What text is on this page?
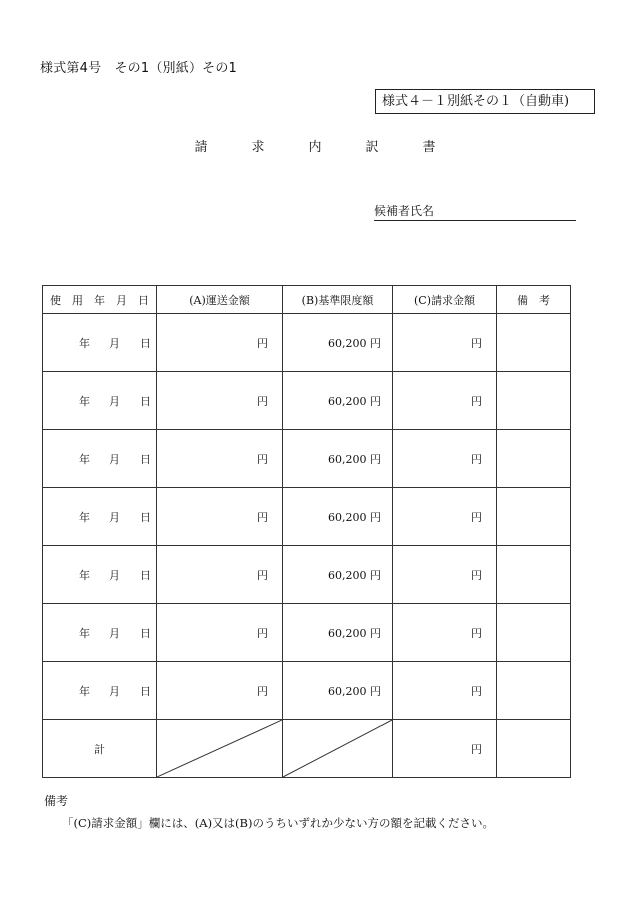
様式第4号　その1（別紙）その1
様式４－１別紙その１（自動車)
請	求	内	訳	書
候補者氏名
使　用　年　月　日	(A)運送金額	(B)基準限度額	(C)請求金額	備　考

年 月 日	円	60,200 円	円	

年 月 日	円	60,200 円	円	

年 月 日	円	60,200 円	円	

年 月 日	円	60,200 円	円	

年 月 日	円	60,200 円	円	

年 月 日	円	60,200 円	円	

年 月 日	円	60,200 円	円	
計			円	
備考
「(C)請求金額」欄には、(A)又は(B)のうちいずれか少ない方の額を記載ください。
